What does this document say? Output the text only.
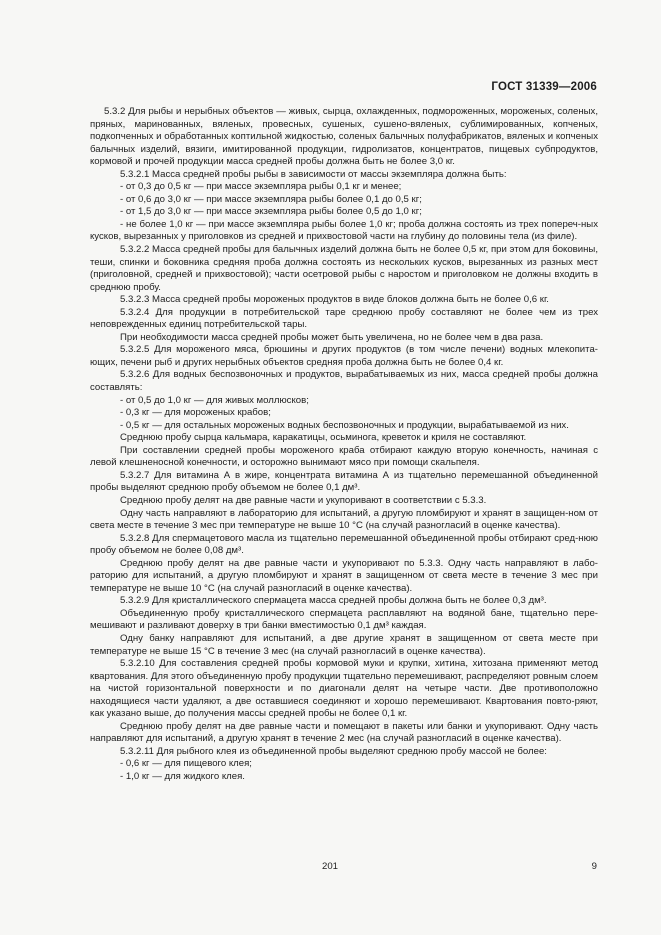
ГОСТ 31339—2006
5.3.2 Для рыбы и нерыбных объектов — живых, сырца, охлажденных, подмороженных, мороженых, соленых, пряных, маринованных, вяленых, провесных, сушеных, сушено-вяленых, сублимированных, копченых, подкопченных и обработанных коптильной жидкостью, соленых балычных полуфабрикатов, вяленых и копченых балычных изделий, вязиги, имитированной продукции, гидролизатов, концентратов, пищевых субпродуктов, кормовой и прочей продукции масса средней пробы должна быть не более 3,0 кг.
5.3.2.1 Масса средней пробы рыбы в зависимости от массы экземпляра должна быть:
- от 0,3 до 0,5 кг — при массе экземпляра рыбы 0,1 кг и менее;
- от 0,6 до 3,0 кг — при массе экземпляра рыбы более 0,1 до 0,5 кг;
- от 1,5 до 3,0 кг — при массе экземпляра рыбы более 0,5 до 1,0 кг;
- не более 1,0 кг — при массе экземпляра рыбы более 1,0 кг; проба должна состоять из трех попереч-ных кусков, вырезанных у приголовков из средней и прихвостовой части на глубину до половины тела (из филе).
5.3.2.2 Масса средней пробы для балычных изделий должна быть не более 0,5 кг, при этом для боковины, теши, спинки и боковника средняя проба должна состоять из нескольких кусков, вырезанных из разных мест (приголовной, средней и прихвостовой); части осетровой рыбы с наростом и приголовком не должны входить в среднюю пробу.
5.3.2.3 Масса средней пробы мороженых продуктов в виде блоков должна быть не более 0,6 кг.
5.3.2.4 Для продукции в потребительской таре среднюю пробу составляют не более чем из трех неповрежденных единиц потребительской тары.
При необходимости масса средней пробы может быть увеличена, но не более чем в два раза.
5.3.2.5 Для мороженого мяса, брюшины и других продуктов (в том числе печени) водных млекопита-ющих, печени рыб и других нерыбных объектов средняя проба должна быть не более 0,4 кг.
5.3.2.6 Для водных беспозвоночных и продуктов, вырабатываемых из них, масса средней пробы должна составлять:
- от 0,5 до 1,0 кг — для живых моллюсков;
- 0,3 кг — для мороженых крабов;
- 0,5 кг — для остальных мороженых водных беспозвоночных и продукции, вырабатываемой из них.
Среднюю пробу сырца кальмара, каракатицы, осьминога, креветок и криля не составляют.
При составлении средней пробы мороженого краба отбирают каждую вторую конечность, начиная с левой клешненосной конечности, и осторожно вынимают мясо при помощи скальпеля.
5.3.2.7 Для витамина А в жире, концентрата витамина А из тщательно перемешанной объединенной пробы выделяют среднюю пробу объемом не более 0,1 дм³.
Среднюю пробу делят на две равные части и укупоривают в соответствии с 5.3.3.
Одну часть направляют в лабораторию для испытаний, а другую пломбируют и хранят в защищен-ном от света месте в течение 3 мес при температуре не выше 10 °С (на случай разногласий в оценке качества).
5.3.2.8 Для спермацетового масла из тщательно перемешанной объединенной пробы отбирают сред-нюю пробу объемом не более 0,08 дм³.
Среднюю пробу делят на две равные части и укупоривают по 5.3.3. Одну часть направляют в лабо-раторию для испытаний, а другую пломбируют и хранят в защищенном от света месте в течение 3 мес при температуре не выше 10 °С (на случай разногласий в оценке качества).
5.3.2.9 Для кристаллического спермацета масса средней пробы должна быть не более 0,3 дм³.
Объединенную пробу кристаллического спермацета расплавляют на водяной бане, тщательно пере-мешивают и разливают доверху в три банки вместимостью 0,1 дм³ каждая.
Одну банку направляют для испытаний, а две другие хранят в защищенном от света месте при температуре не выше 15 °С в течение 3 мес (на случай разногласий в оценке качества).
5.3.2.10 Для составления средней пробы кормовой муки и крупки, хитина, хитозана применяют метод квартования. Для этого объединенную пробу продукции тщательно перемешивают, распределяют ровным слоем на чистой горизонтальной поверхности и по диагонали делят на четыре части. Две противоположно находящиеся части удаляют, а две оставшиеся соединяют и хорошо перемешивают. Квартования повто-ряют, как указано выше, до получения массы средней пробы не более 0,1 кг.
Среднюю пробу делят на две равные части и помещают в пакеты или банки и укупоривают. Одну часть направляют для испытаний, а другую хранят в течение 2 мес (на случай разногласий в оценке качества).
5.3.2.11 Для рыбного клея из объединенной пробы выделяют среднюю пробу массой не более:
- 0,6 кг — для пищевого клея;
- 1,0 кг — для жидкого клея.
201	9
